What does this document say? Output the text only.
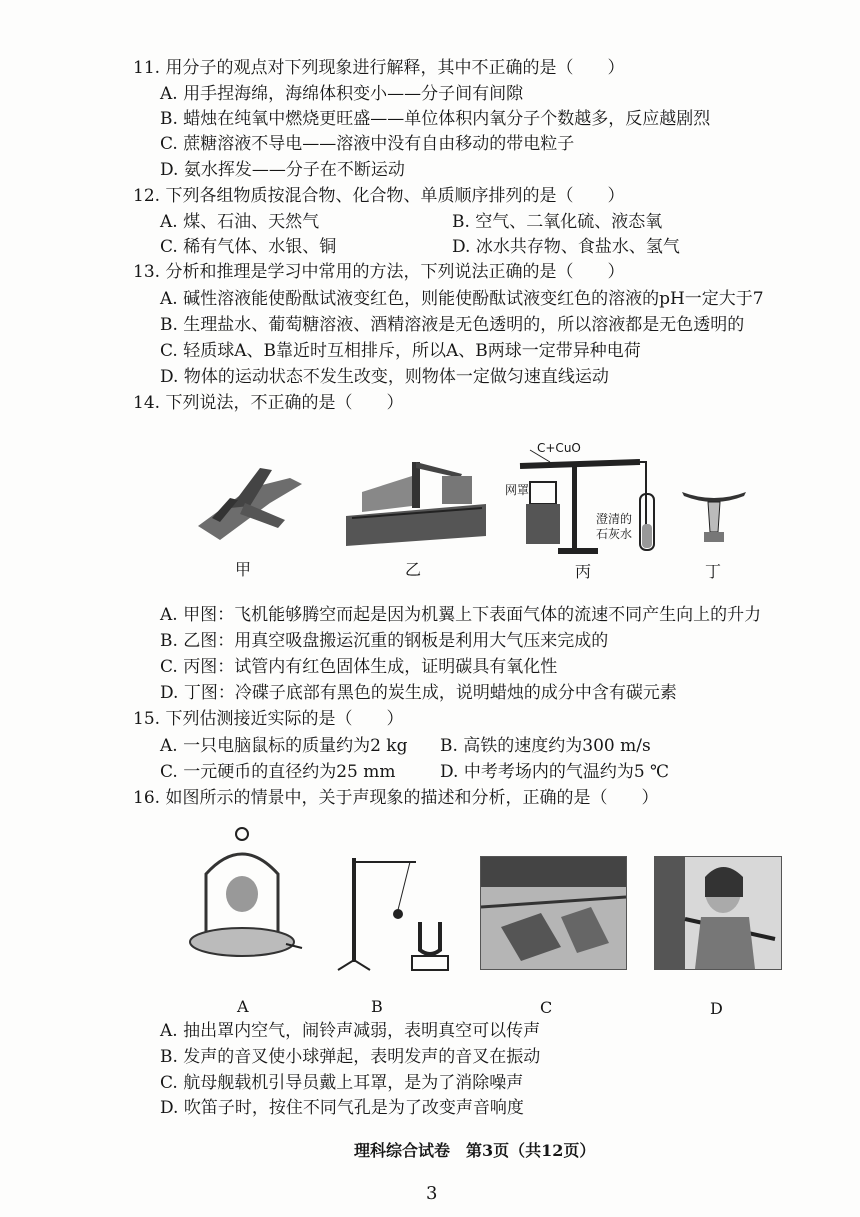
11. 用分子的观点对下列现象进行解释，其中不正确的是（　　）
A. 用手捏海绵，海绵体积变小——分子间有间隙
B. 蜡烛在纯氧中燃烧更旺盛——单位体积内氧分子个数越多，反应越剧烈
C. 蔗糖溶液不导电——溶液中没有自由移动的带电粒子
D. 氨水挥发——分子在不断运动
12. 下列各组物质按混合物、化合物、单质顺序排列的是（　　）
A. 煤、石油、天然气	B. 空气、二氧化硫、液态氧
C. 稀有气体、水银、铜	D. 冰水共存物、食盐水、氢气
13. 分析和推理是学习中常用的方法，下列说法正确的是（　　）
A. 碱性溶液能使酚酞试液变红色，则能使酚酞试液变红色的溶液的pH一定大于7
B. 生理盐水、葡萄糖溶液、酒精溶液是无色透明的，所以溶液都是无色透明的
C. 轻质球A、B靠近时互相排斥，所以A、B两球一定带异种电荷
D. 物体的运动状态不发生改变，则物体一定做匀速直线运动
14. 下列说法，不正确的是（　　）
C+CuO
网罩
澄清的
石灰水
甲	乙	丙	丁
A. 甲图：飞机能够腾空而起是因为机翼上下表面气体的流速不同产生向上的升力
B. 乙图：用真空吸盘搬运沉重的钢板是利用大气压来完成的
C. 丙图：试管内有红色固体生成，证明碳具有氧化性
D. 丁图：冷碟子底部有黑色的炭生成，说明蜡烛的成分中含有碳元素
15. 下列估测接近实际的是（　　）
A. 一只电脑鼠标的质量约为2 kg B. 高铁的速度约为300 m/s
C. 一元硬币的直径约为25 mm	D. 中考考场内的气温约为5 ℃
16. 如图所示的情景中，关于声现象的描述和分析，正确的是（　　）
A	B	C	D
A. 抽出罩内空气，闹铃声减弱，表明真空可以传声
B. 发声的音叉使小球弹起，表明发声的音叉在振动
C. 航母舰载机引导员戴上耳罩，是为了消除噪声
D. 吹笛子时，按住不同气孔是为了改变声音响度
理科综合试卷　第3页（共12页）
3
